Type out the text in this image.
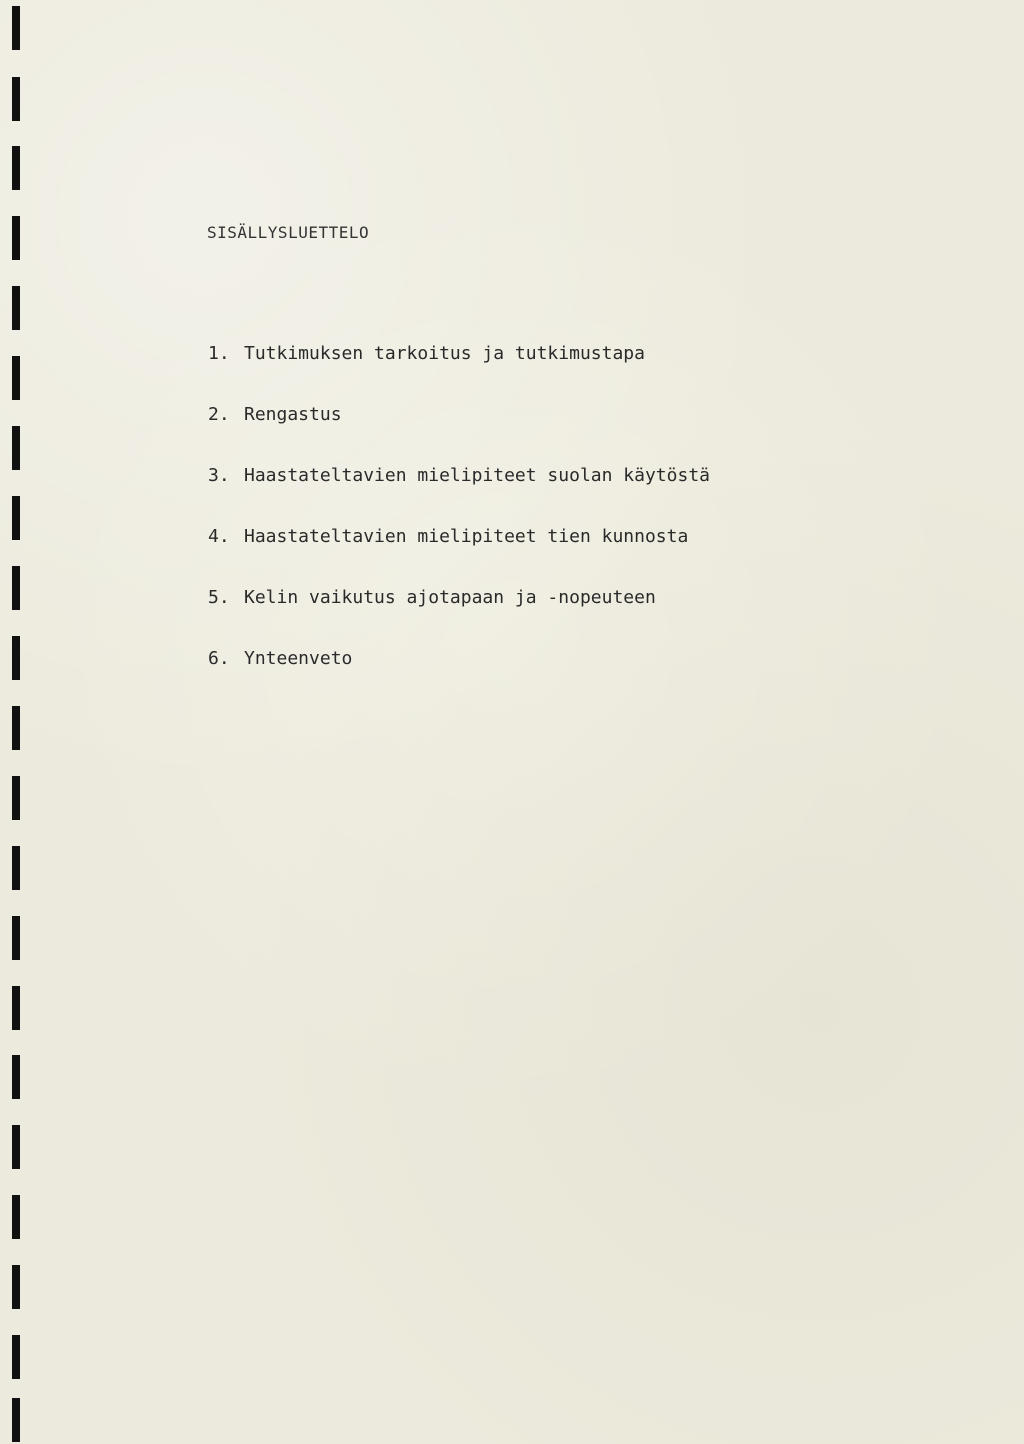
SISÄLLYSLUETTELO
1. Tutkimuksen tarkoitus ja tutkimustapa
2. Rengastus
3. Haastateltavien mielipiteet suolan käytöstä
4. Haastateltavien mielipiteet tien kunnosta
5. Kelin vaikutus ajotapaan ja -nopeuteen
6. Ynteenveto
